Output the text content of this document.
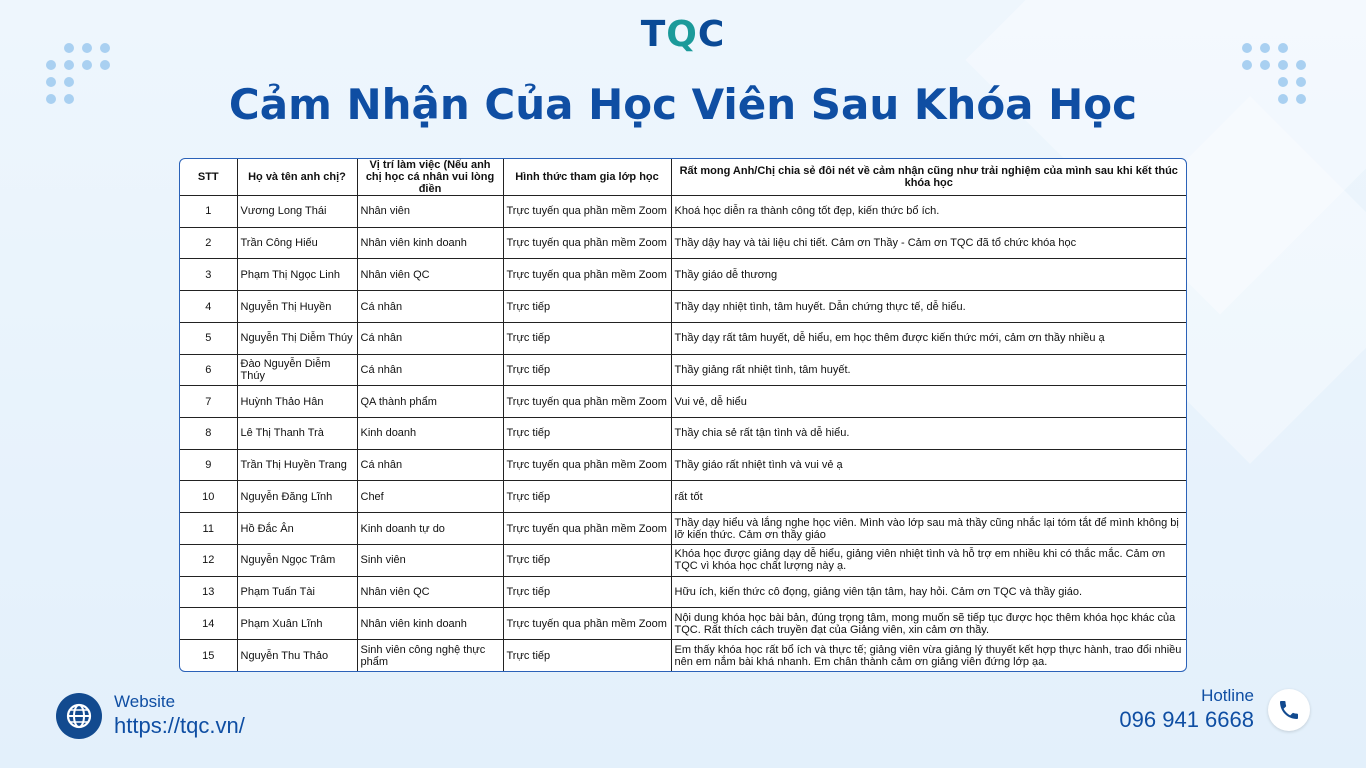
TQC
Cảm Nhận Của Học Viên Sau Khóa Học
STT	Họ và tên anh chị?	Vị trí làm việc (Nếu anh chị học cá nhân vui lòng điền	Hình thức tham gia lớp học	Rất mong Anh/Chị chia sẻ đôi nét về cảm nhận cũng như trải nghiệm của mình sau khi kết thúc khóa học
1	Vương Long Thái	Nhân viên	Trực tuyến qua phần mềm Zoom	Khoá học diễn ra thành công tốt đẹp, kiến thức bổ ích.
2	Trần Công Hiếu	Nhân viên kinh doanh	Trực tuyến qua phần mềm Zoom	Thầy dậy hay và tài liệu chi tiết. Cảm ơn Thầy - Cảm ơn TQC đã tổ chức khóa học
3	Phạm Thị Ngọc Linh	Nhân viên QC	Trực tuyến qua phần mềm Zoom	Thầy giáo dễ thương
4	Nguyễn Thị Huyền	Cá nhân	Trực tiếp	Thầy dạy nhiệt tình, tâm huyết. Dẫn chứng thực tế, dễ hiểu.
5	Nguyễn Thị Diễm Thúy	Cá nhân	Trực tiếp	Thầy dạy rất tâm huyết, dễ hiểu, em học thêm được kiến thức mới, cảm ơn thầy nhiều ạ
6	Đào Nguyễn Diễm Thúy	Cá nhân	Trực tiếp	Thầy giảng rất nhiệt tình, tâm huyết.
7	Huỳnh Thảo Hân	QA thành phẩm	Trực tuyến qua phần mềm Zoom	Vui vẻ, dễ hiểu
8	Lê Thị Thanh Trà	Kinh doanh	Trực tiếp	Thầy chia sẻ rất tận tình và dễ hiểu.
9	Trần Thị Huyền Trang	Cá nhân	Trực tuyến qua phần mềm Zoom	Thầy giáo rất nhiệt tình và vui vẻ ạ
10	Nguyễn Đăng Lĩnh	Chef	Trực tiếp	rất tốt
11	Hồ Đắc Ân	Kinh doanh tự do	Trực tuyến qua phần mềm Zoom	Thầy dạy hiểu và lắng nghe học viên. Mình vào lớp sau mà thầy cũng nhắc lại tóm tắt để mình không bị lỡ kiến thức. Cảm ơn thầy giáo
12	Nguyễn Ngọc Trâm	Sinh viên	Trực tiếp	Khóa học được giảng dạy dễ hiểu, giảng viên nhiệt tình và hỗ trợ em nhiều khi có thắc mắc. Cảm ơn TQC vì khóa học chất lượng này ạ.
13	Phạm Tuấn Tài	Nhân viên QC	Trực tiếp	Hữu ích, kiến thức cô đọng, giảng viên tận tâm, hay hỏi. Cảm ơn TQC và thầy giáo.
14	Phạm Xuân Lĩnh	Nhân viên kinh doanh	Trực tuyến qua phần mềm Zoom	Nội dung khóa học bài bản, đúng trọng tâm, mong muốn sẽ tiếp tục được học thêm khóa học khác của TQC. Rất thích cách truyền đạt của Giảng viên, xin cảm ơn thầy.
15	Nguyễn Thu Thảo	Sinh viên công nghệ thực phẩm	Trực tiếp	Em thấy khóa học rất bổ ích và thực tế; giảng viên vừa giảng lý thuyết kết hợp thực hành, trao đổi nhiều nên em nắm bài khá nhanh. Em chân thành cảm ơn giảng viên đứng lớp ạa.
Website
https://tqc.vn/
Hotline
096 941 6668
